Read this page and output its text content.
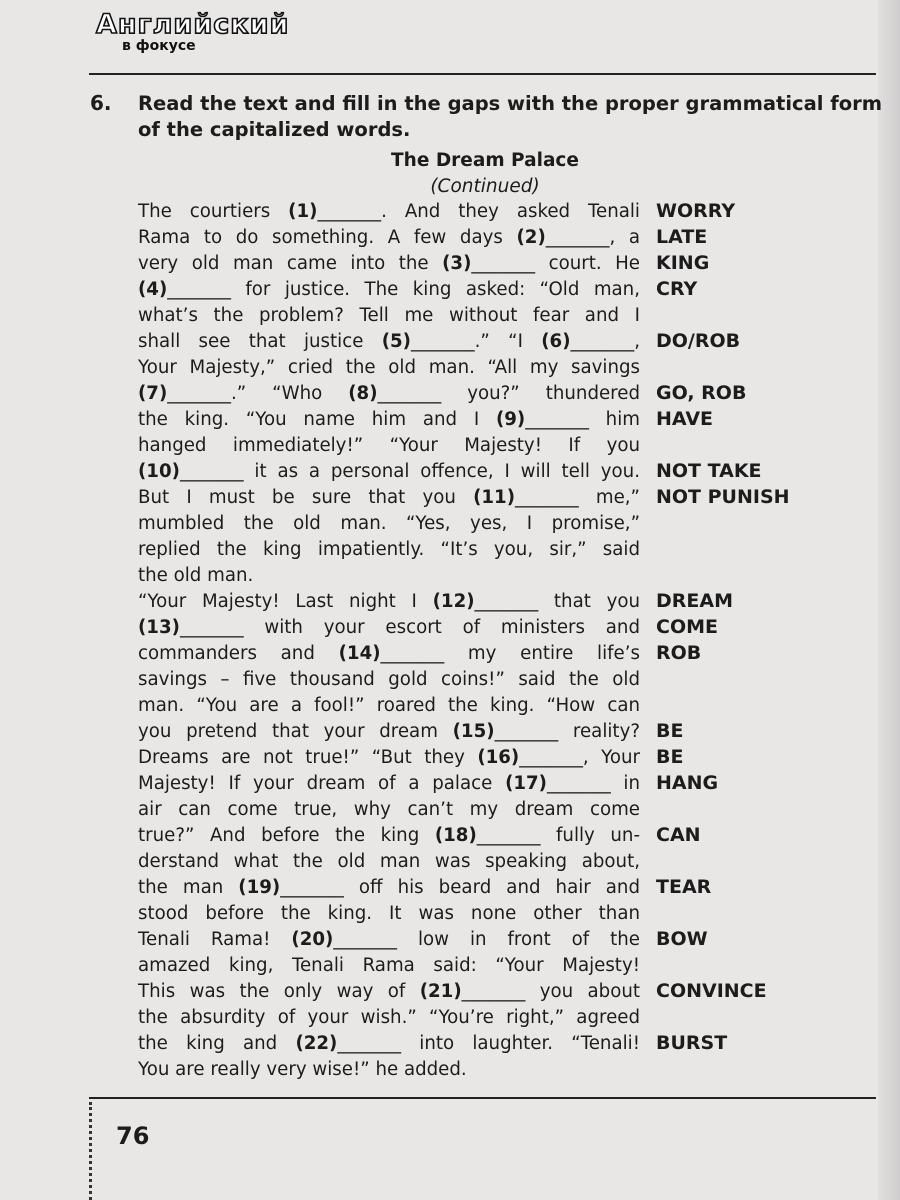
Английский
в фокусе
6. Read the text and fill in the gaps with the proper grammatical form of the capitalized words.
The Dream Palace
(Continued)
The courtiers (1)_______. And they asked Tenali
Rama to do something. A few days (2)_______, a
very old man came into the (3)_______ court. He
(4)_______ for justice. The king asked: “Old man,
what’s the problem? Tell me without fear and I
shall see that justice (5)_______.” “I (6)_______,
Your Majesty,” cried the old man. “All my savings
(7)_______.” “Who (8)_______ you?” thundered
the king. “You name him and I (9)_______ him
hanged immediately!” “Your Majesty! If you
(10)_______ it as a personal offence, I will tell you.
But I must be sure that you (11)_______ me,”
mumbled the old man. “Yes, yes, I promise,”
replied the king impatiently. “It’s you, sir,” said
the old man.
“Your Majesty! Last night I (12)_______ that you
(13)_______ with your escort of ministers and
commanders and (14)_______ my entire life’s
savings – five thousand gold coins!” said the old
man. “You are a fool!” roared the king. “How can
you pretend that your dream (15)_______ reality?
Dreams are not true!” “But they (16)_______, Your
Majesty! If your dream of a palace (17)_______ in
air can come true, why can’t my dream come
true?” And before the king (18)_______ fully un-
derstand what the old man was speaking about,
the man (19)_______ off his beard and hair and
stood before the king. It was none other than
Tenali Rama! (20)_______ low in front of the
amazed king, Tenali Rama said: “Your Majesty!
This was the only way of (21)_______ you about
the absurdity of your wish.” “You’re right,” agreed
the king and (22)_______ into laughter. “Tenali!
You are really very wise!” he added.
WORRY
LATE
KING
CRY
DO/ROB
GO, ROB
HAVE
NOT TAKE
NOT PUNISH
DREAM
COME
ROB
BE
BE
HANG
CAN
TEAR
BOW
CONVINCE
BURST
76
